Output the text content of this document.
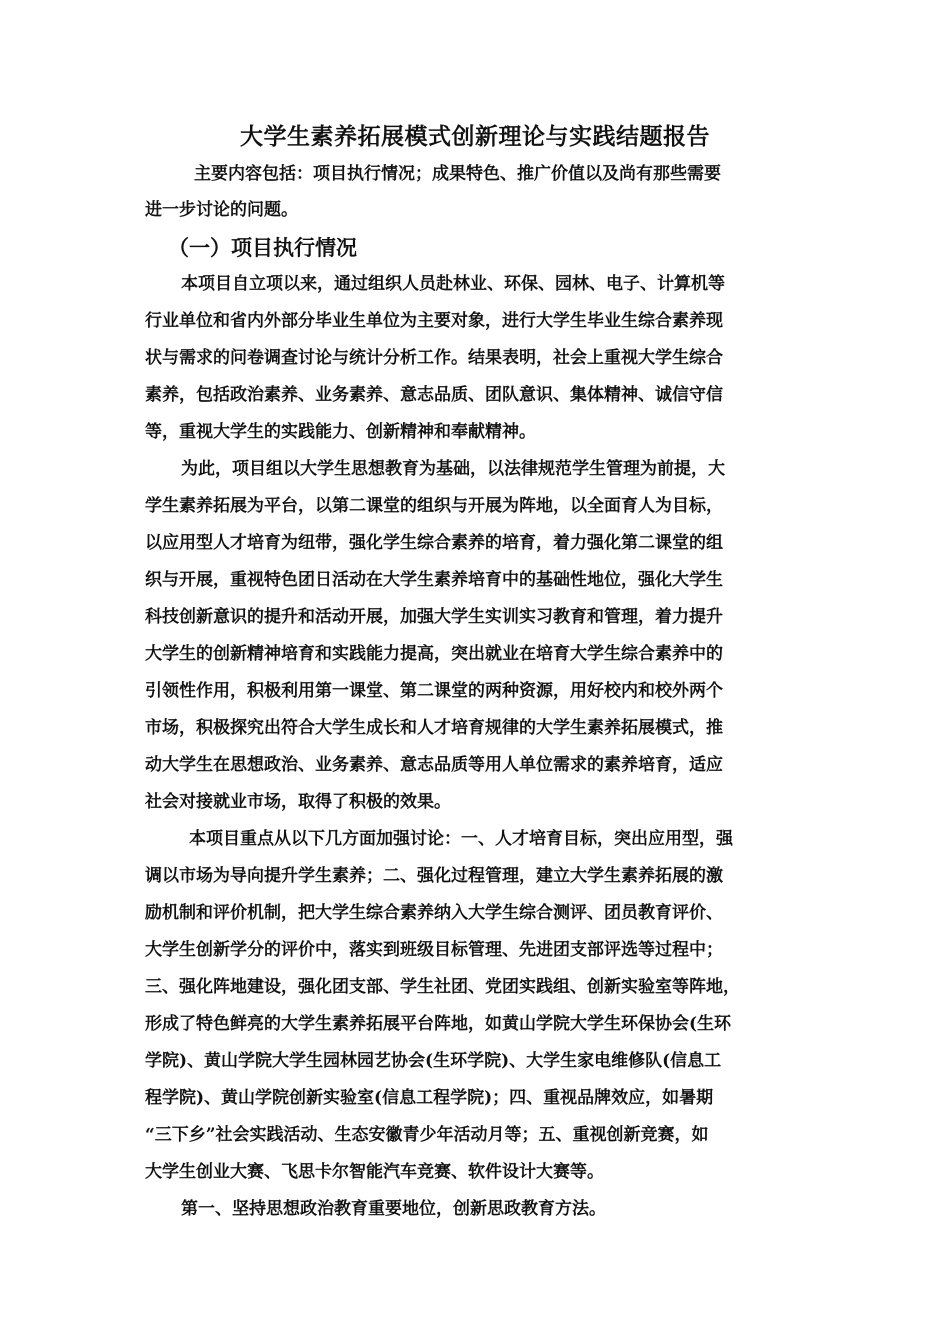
大学生素养拓展模式创新理论与实践结题报告
主要内容包括：项目执行情况；成果特色、推广价值以及尚有那些需要
进一步讨论的问题。
（一）项目执行情况
本项目自立项以来，通过组织人员赴林业、环保、园林、电子、计算机等
行业单位和省内外部分毕业生单位为主要对象，进行大学生毕业生综合素养现
状与需求的问卷调查讨论与统计分析工作。结果表明，社会上重视大学生综合
素养，包括政治素养、业务素养、意志品质、团队意识、集体精神、诚信守信
等，重视大学生的实践能力、创新精神和奉献精神。
为此，项目组以大学生思想教育为基础，以法律规范学生管理为前提，大
学生素养拓展为平台，以第二课堂的组织与开展为阵地，以全面育人为目标，
以应用型人才培育为纽带，强化学生综合素养的培育，着力强化第二课堂的组
织与开展，重视特色团日活动在大学生素养培育中的基础性地位，强化大学生
科技创新意识的提升和活动开展，加强大学生实训实习教育和管理，着力提升
大学生的创新精神培育和实践能力提高，突出就业在培育大学生综合素养中的
引领性作用，积极利用第一课堂、第二课堂的两种资源，用好校内和校外两个
市场，积极探究出符合大学生成长和人才培育规律的大学生素养拓展模式，推
动大学生在思想政治、业务素养、意志品质等用人单位需求的素养培育，适应
社会对接就业市场，取得了积极的效果。
本项目重点从以下几方面加强讨论：一、人才培育目标，突出应用型，强
调以市场为导向提升学生素养；二、强化过程管理，建立大学生素养拓展的激
励机制和评价机制，把大学生综合素养纳入大学生综合测评、团员教育评价、
大学生创新学分的评价中，落实到班级目标管理、先进团支部评选等过程中；
三、强化阵地建设，强化团支部、学生社团、党团实践组、创新实验室等阵地，
形成了特色鲜亮的大学生素养拓展平台阵地，如黄山学院大学生环保协会(生环
学院)、黄山学院大学生园林园艺协会(生环学院)、大学生家电维修队(信息工
程学院)、黄山学院创新实验室(信息工程学院)；四、重视品牌效应，如暑期
“三下乡”社会实践活动、生态安徽青少年活动月等；五、重视创新竞赛，如
大学生创业大赛、飞思卡尔智能汽车竞赛、软件设计大赛等。
第一、坚持思想政治教育重要地位，创新思政教育方法。
